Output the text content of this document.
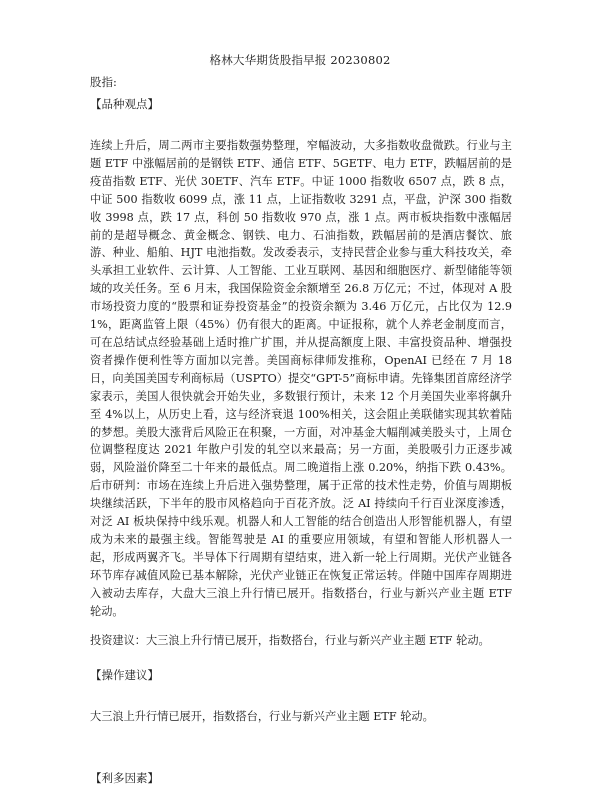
格林大华期货股指早报 20230802
股指:
【品种观点】

连续上升后，周二两市主要指数强势整理，窄幅波动，大多指数收盘微跌。行业与主题 ETF 中涨幅居前的是钢铁 ETF、通信 ETF、5GETF、电力 ETF，跌幅居前的是疫苗指数 ETF、光伏 30ETF、汽车 ETF。中证 1000 指数收 6507 点，跌 8 点，中证 500 指数收 6099 点，涨 11 点，上证指数收 3291 点，平盘，沪深 300 指数收 3998 点，跌 17 点，科创 50 指数收 970 点，涨 1 点。两市板块指数中涨幅居前的是超导概念、黄金概念、钢铁、电力、石油指数，跌幅居前的是酒店餐饮、旅游、种业、船舶、HJT 电池指数。发改委表示，支持民营企业参与重大科技攻关，牵头承担工业软件、云计算、人工智能、工业互联网、基因和细胞医疗、新型储能等领域的攻关任务。至 6 月末，我国保险资金余额增至 26.8 万亿元；不过，体现对 A 股市场投资力度的“股票和证券投资基金”的投资余额为 3.46 万亿元，占比仅为 12.91%，距离监管上限（45%）仍有很大的距离。中证报称，就个人养老金制度而言，可在总结试点经验基础上适时推广扩围，并从提高额度上限、丰富投资品种、增强投资者操作便利性等方面加以完善。美国商标律师发推称，OpenAI 已经在 7 月 18 日，向美国美国专利商标局（USPTO）提交“GPT-5”商标申请。先锋集团首席经济学家表示，美国人很快就会开始失业，多数银行预计，未来 12 个月美国失业率将飙升至 4%以上，从历史上看，这与经济衰退 100%相关，这会阻止美联储实现其软着陆的梦想。美股大涨背后风险正在积聚，一方面，对冲基金大幅削减美股头寸，上周仓位调整程度达 2021 年散户引发的轧空以来最高；另一方面，美股吸引力正逐步减弱，风险溢价降至二十年来的最低点。周二晚道指上涨 0.20%，纳指下跌 0.43%。后市研判：市场在连续上升后进入强势整理，属于正常的技术性走势，价值与周期板块继续活跃，下半年的股市风格趋向于百花齐放。泛 AI 持续向千行百业深度渗透，对泛 AI 板块保持中线乐观。机器人和人工智能的结合创造出人形智能机器人，有望成为未来的最强主线。智能驾驶是 AI 的重要应用领域，有望和智能人形机器人一起，形成两翼齐飞。半导体下行周期有望结束，进入新一轮上行周期。光伏产业链各环节库存减值风险已基本解除，光伏产业链正在恢复正常运转。伴随中国库存周期进入被动去库存，大盘大三浪上升行情已展开。指数搭台，行业与新兴产业主题 ETF 轮动。

投资建议：大三浪上升行情已展开，指数搭台，行业与新兴产业主题 ETF 轮动。

【操作建议】

大三浪上升行情已展开，指数搭台，行业与新兴产业主题 ETF 轮动。

【利多因素】
